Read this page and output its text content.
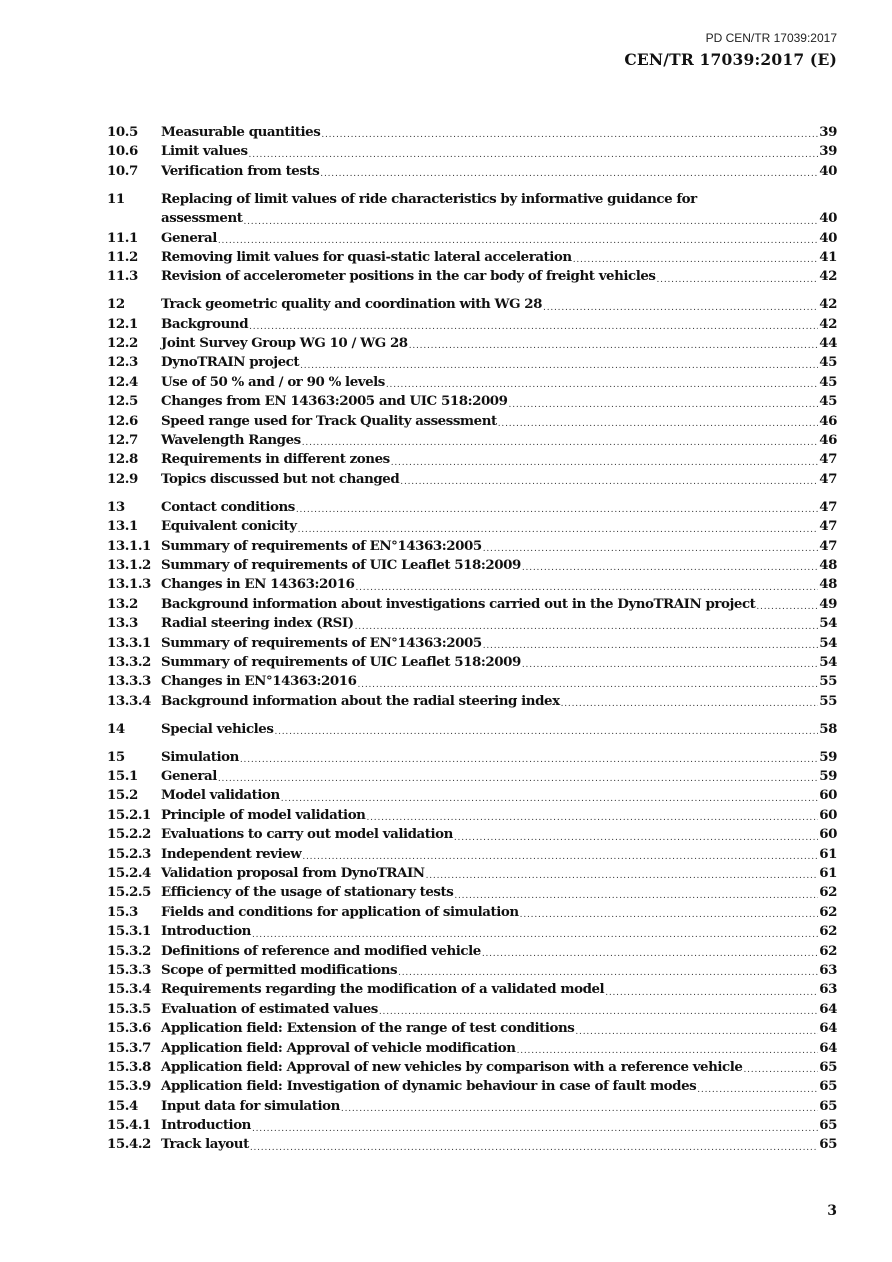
PD CEN/TR 17039:2017
CEN/TR 17039:2017 (E)
10.5	Measurable quantities .....	39
10.6	Limit values .....	39
10.7	Verification from tests .....	40
11	Replacing of limit values of ride characteristics by informative guidance for
assessment .....	40
11.1	General .....	40
11.2	Removing limit values for quasi-static lateral acceleration .....	41
11.3	Revision of accelerometer positions in the car body of freight vehicles .....	42
12	Track geometric quality and coordination with WG 28 .....	42
12.1	Background .....	42
12.2	Joint Survey Group WG 10 / WG 28 .....	44
12.3	DynoTRAIN project .....	45
12.4	Use of 50 % and / or 90 % levels .....	45
12.5	Changes from EN 14363:2005 and UIC 518:2009 .....	45
12.6	Speed range used for Track Quality assessment .....	46
12.7	Wavelength Ranges .....	46
12.8	Requirements in different zones .....	47
12.9	Topics discussed but not changed .....	47
13	Contact conditions .....	47
13.1	Equivalent conicity .....	47
13.1.1 Summary of requirements of EN°14363:2005 .....	47
13.1.2 Summary of requirements of UIC Leaflet 518:2009 .....	48
13.1.3 Changes in EN 14363:2016 .....	48
13.2	Background information about investigations carried out in the DynoTRAIN project .....	49
13.3	Radial steering index (RSI) .....	54
13.3.1 Summary of requirements of EN°14363:2005 .....	54
13.3.2 Summary of requirements of UIC Leaflet 518:2009 .....	54
13.3.3 Changes in EN°14363:2016 .....	55
13.3.4 Background information about the radial steering index .....	55
14	Special vehicles .....	58
15	Simulation .....	59
15.1	General .....	59
15.2	Model validation .....	60
15.2.1 Principle of model validation .....	60
15.2.2 Evaluations to carry out model validation .....	60
15.2.3 Independent review .....	61
15.2.4 Validation proposal from DynoTRAIN .....	61
15.2.5 Efficiency of the usage of stationary tests .....	62
15.3	Fields and conditions for application of simulation .....	62
15.3.1 Introduction .....	62
15.3.2 Definitions of reference and modified vehicle .....	62
15.3.3 Scope of permitted modifications .....	63
15.3.4 Requirements regarding the modification of a validated model .....	63
15.3.5 Evaluation of estimated values .....	64
15.3.6 Application field: Extension of the range of test conditions .....	64
15.3.7 Application field: Approval of vehicle modification .....	64
15.3.8 Application field: Approval of new vehicles by comparison with a reference vehicle .....	65
15.3.9 Application field: Investigation of dynamic behaviour in case of fault modes .....	65
15.4	Input data for simulation .....	65
15.4.1 Introduction .....	65
15.4.2 Track layout .....	65
3
